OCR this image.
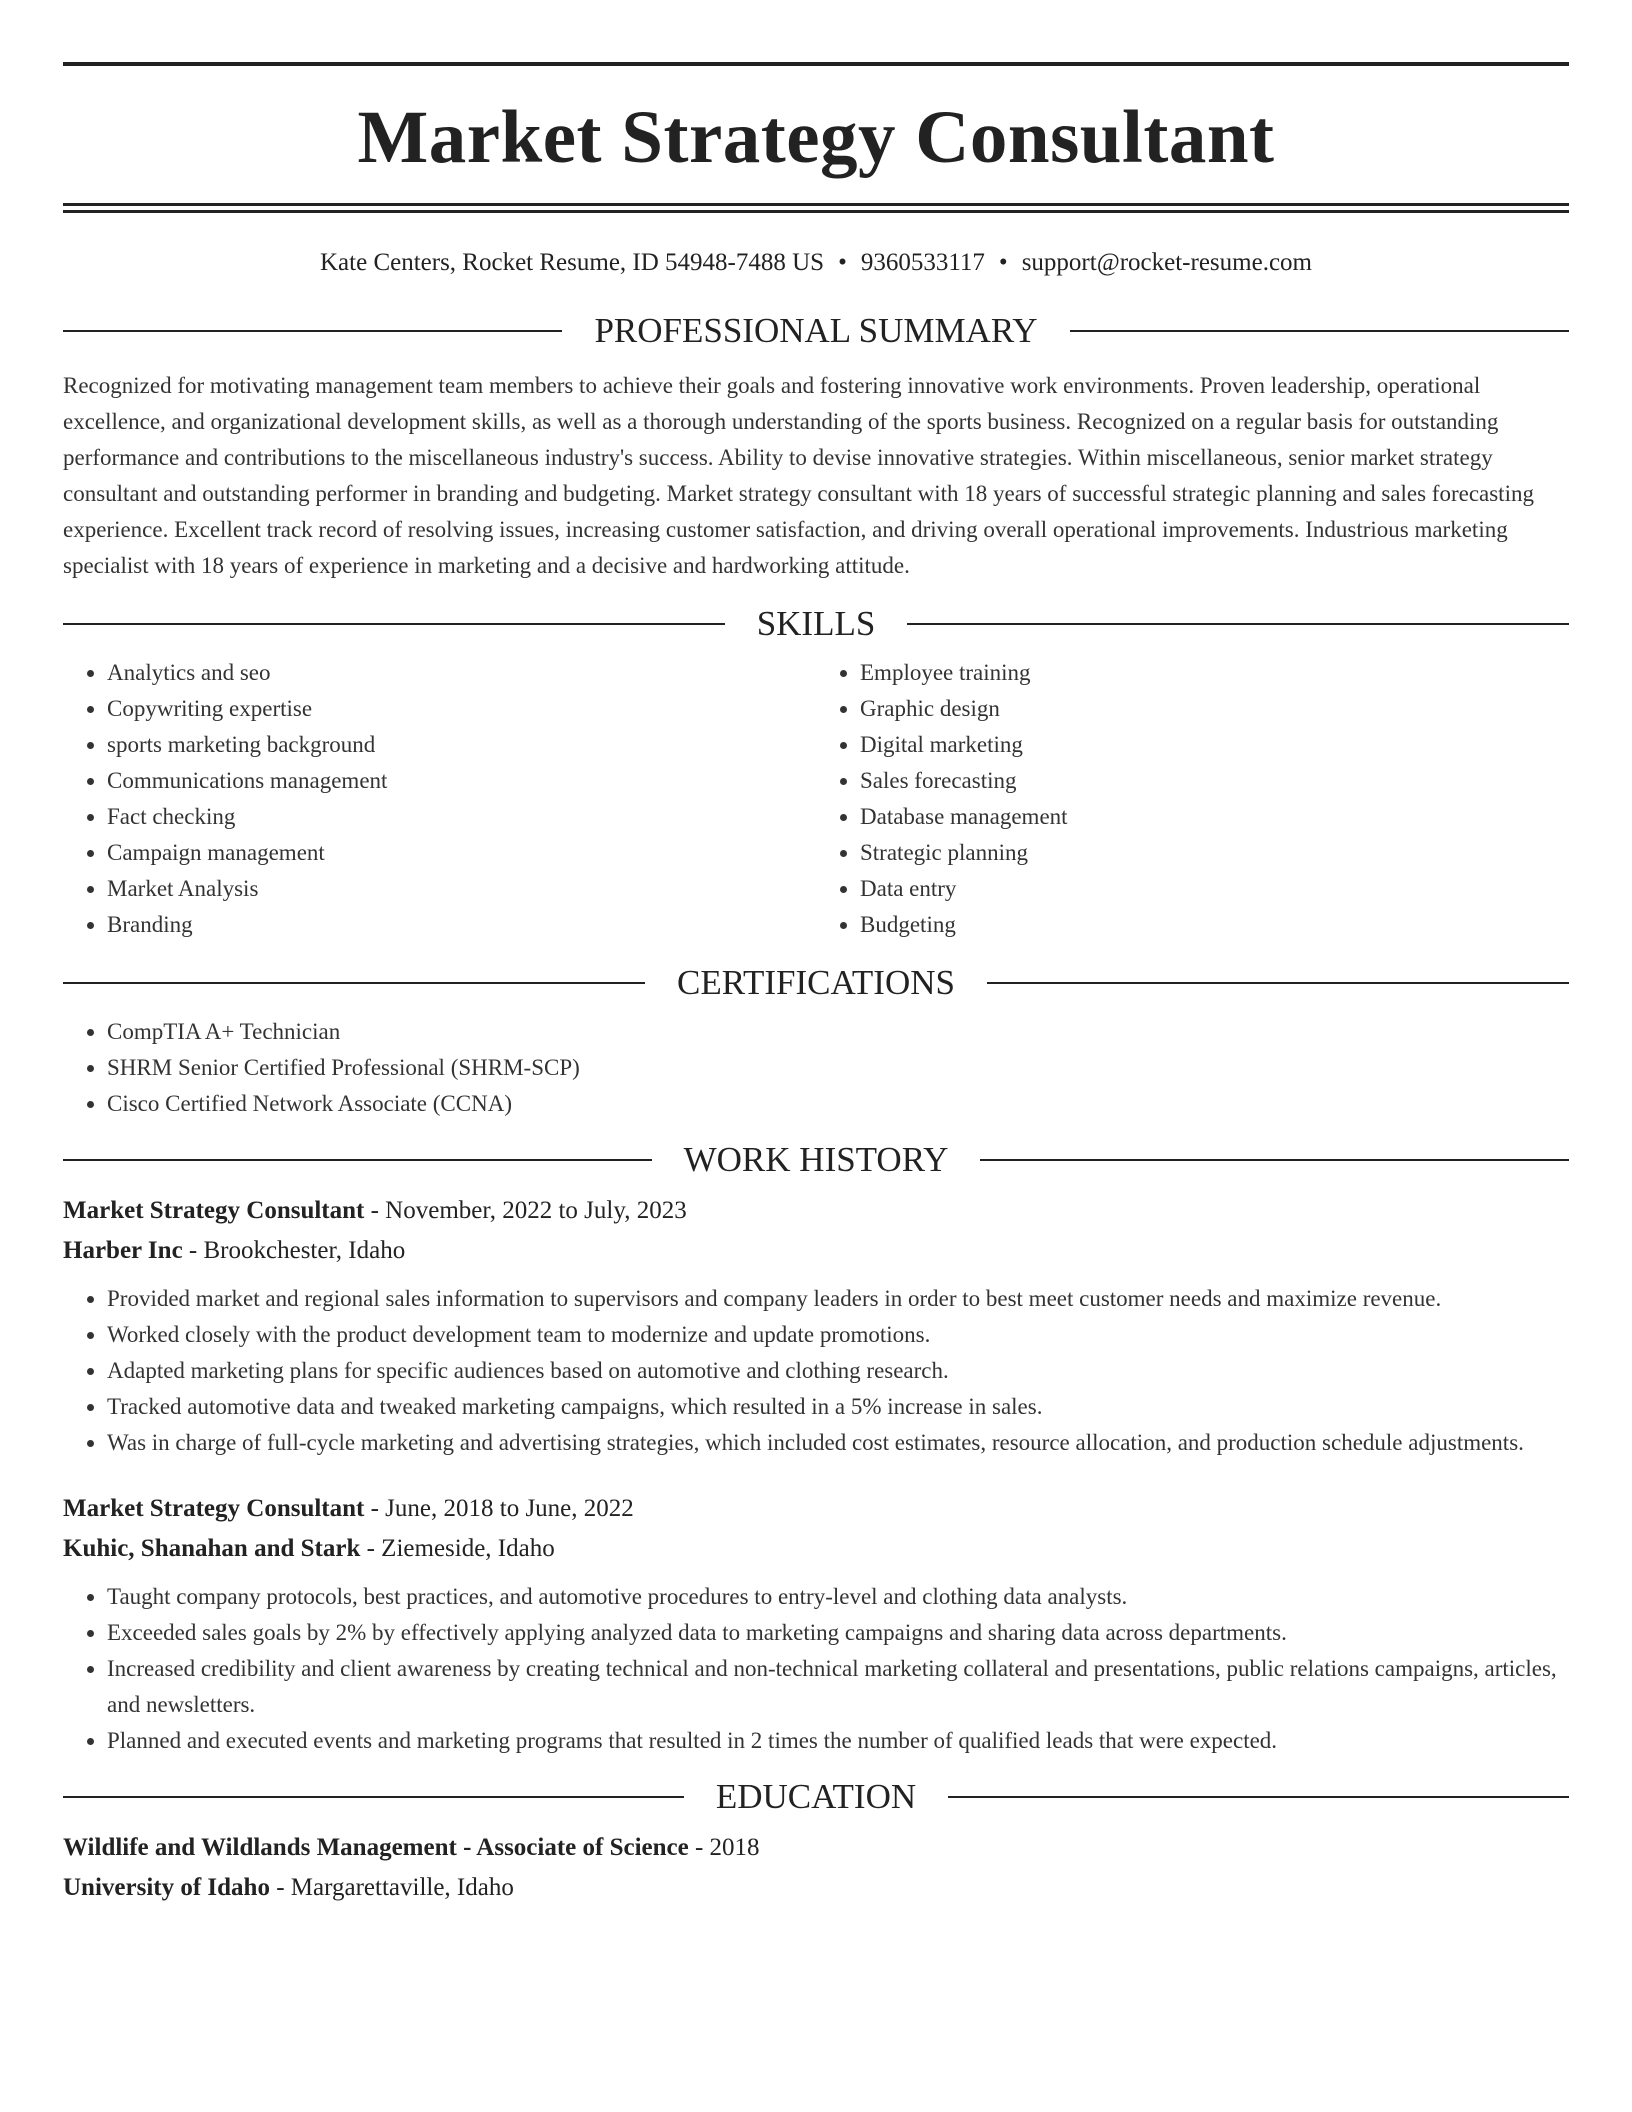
Market Strategy Consultant
Kate Centers, Rocket Resume, ID 54948-7488 US • 9360533117 • support@rocket-resume.com
PROFESSIONAL SUMMARY

Recognized for motivating management team members to achieve their goals and fostering innovative work environments. Proven leadership, operational excellence, and organizational development skills, as well as a thorough understanding of the sports business. Recognized on a regular basis for outstanding performance and contributions to the miscellaneous industry's success. Ability to devise innovative strategies. Within miscellaneous, senior market strategy consultant and outstanding performer in branding and budgeting. Market strategy consultant with 18 years of successful strategic planning and sales forecasting experience. Excellent track record of resolving issues, increasing customer satisfaction, and driving overall operational improvements. Industrious marketing specialist with 18 years of experience in marketing and a decisive and hardworking attitude.

SKILLS
• Analytics and seo
• Copywriting expertise
• sports marketing background
• Communications management
• Fact checking
• Campaign management
• Market Analysis
• Branding
• Employee training
• Graphic design
• Digital marketing
• Sales forecasting
• Database management
• Strategic planning
• Data entry
• Budgeting
CERTIFICATIONS
• CompTIA A+ Technician
• SHRM Senior Certified Professional (SHRM-SCP)
• Cisco Certified Network Associate (CCNA)
WORK HISTORY
Market Strategy Consultant - November, 2022 to July, 2023
Harber Inc - Brookchester, Idaho
• Provided market and regional sales information to supervisors and company leaders in order to best meet customer needs and maximize revenue.
• Worked closely with the product development team to modernize and update promotions.
• Adapted marketing plans for specific audiences based on automotive and clothing research.
• Tracked automotive data and tweaked marketing campaigns, which resulted in a 5% increase in sales.
• Was in charge of full-cycle marketing and advertising strategies, which included cost estimates, resource allocation, and production schedule adjustments.
Market Strategy Consultant - June, 2018 to June, 2022
Kuhic, Shanahan and Stark - Ziemeside, Idaho
• Taught company protocols, best practices, and automotive procedures to entry-level and clothing data analysts.
• Exceeded sales goals by 2% by effectively applying analyzed data to marketing campaigns and sharing data across departments.
• Increased credibility and client awareness by creating technical and non-technical marketing collateral and presentations, public relations campaigns, articles, and newsletters.
• Planned and executed events and marketing programs that resulted in 2 times the number of qualified leads that were expected.
EDUCATION
Wildlife and Wildlands Management - Associate of Science - 2018
University of Idaho - Margarettaville, Idaho
